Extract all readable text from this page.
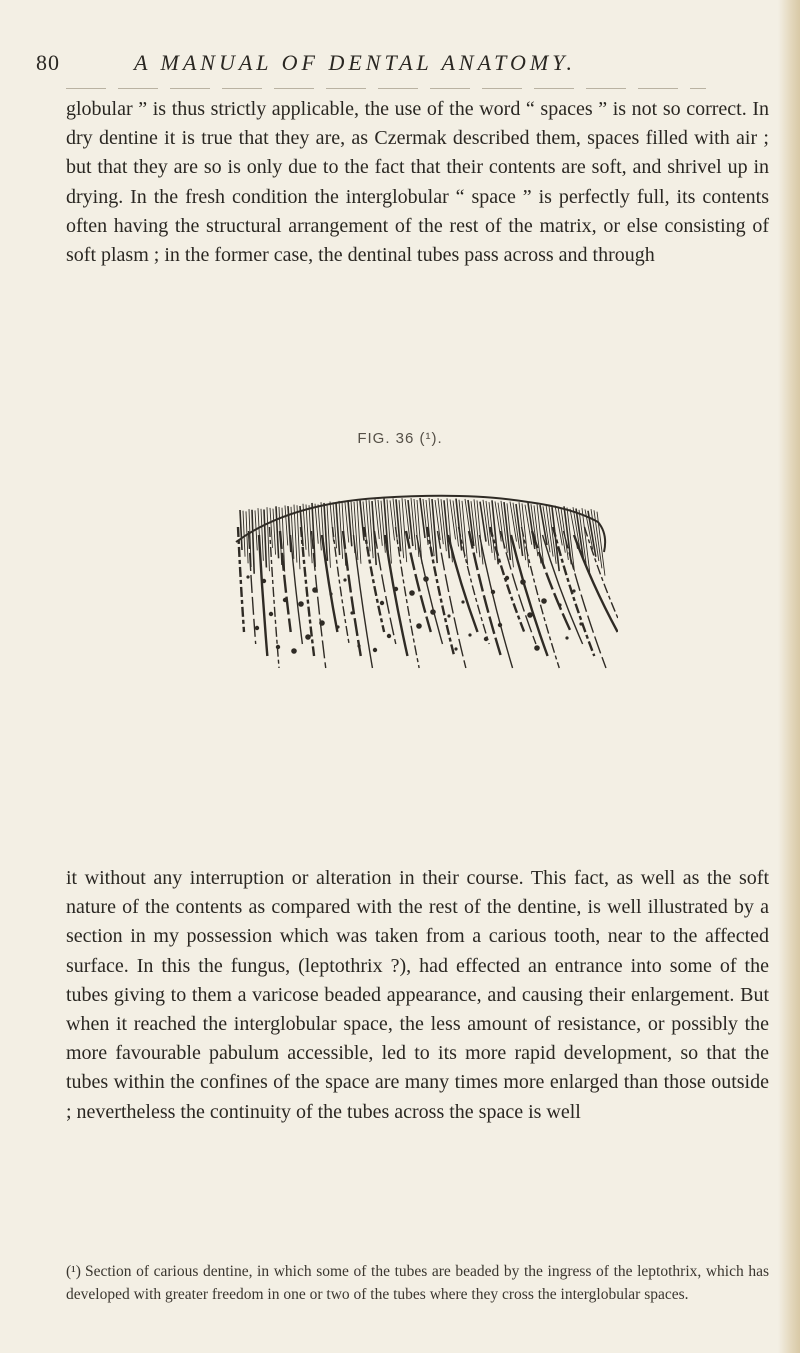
80	A MANUAL OF DENTAL ANATOMY.

globular ” is thus strictly applicable, the use of the word “ spaces ” is not so correct. In dry dentine it is true that they are, as Czermak described them, spaces filled with air ; but that they are so is only due to the fact that their contents are soft, and shrivel up in drying. In the fresh condition the interglobular “ space ” is perfectly full, its contents often having the structural arrangement of the rest of the matrix, or else consisting of soft plasm ; in the former case, the dentinal tubes pass across and through

FIG. 36 (¹).

it without any interruption or alteration in their course. This fact, as well as the soft nature of the contents as compared with the rest of the dentine, is well illustrated by a section in my possession which was taken from a carious tooth, near to the affected surface. In this the fungus, (leptothrix ?), had effected an entrance into some of the tubes giving to them a varicose beaded appearance, and causing their enlargement. But when it reached the interglobular space, the less amount of resistance, or possibly the more favourable pabulum accessible, led to its more rapid development, so that the tubes within the confines of the space are many times more enlarged than those outside ; nevertheless the continuity of the tubes across the space is well

(¹) Section of carious dentine, in which some of the tubes are beaded by the ingress of the leptothrix, which has developed with greater freedom in one or two of the tubes where they cross the interglobular spaces.
